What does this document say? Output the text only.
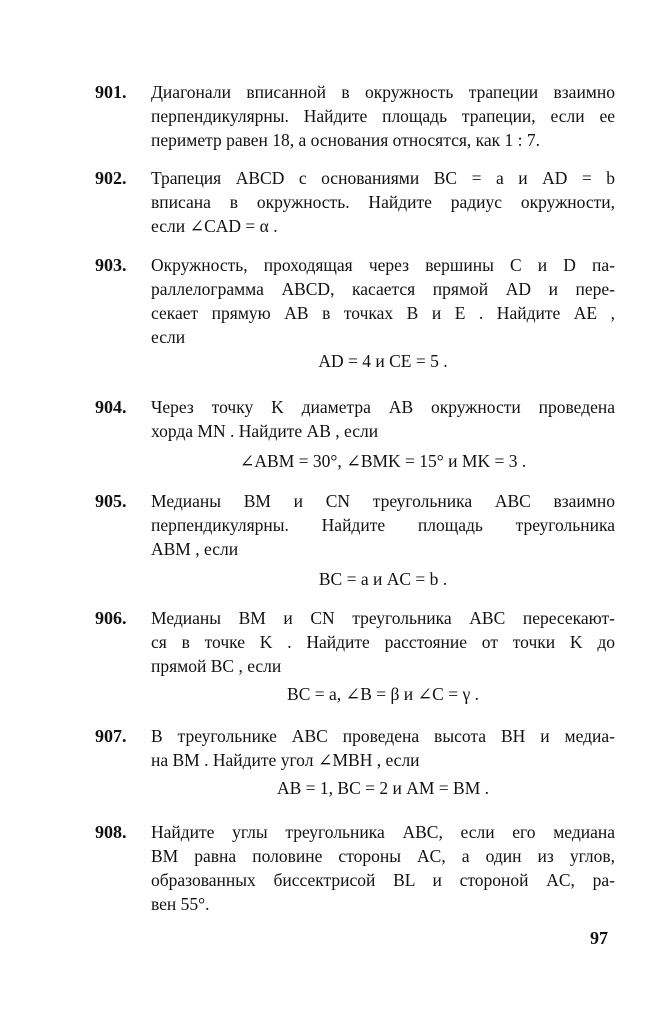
901. Диагонали вписанной в окружность трапеции взаимно
перпендикулярны. Найдите площадь трапеции, если ее
периметр равен 18, а основания относятся, как 1 : 7.
902. Трапеция ABCD с основаниями BC = a и AD = b
вписана в окружность. Найдите радиус окружности,
если ∠CAD = α .
903. Окружность, проходящая через вершины C и D па-
раллелограмма ABCD, касается прямой AD и пере-
секает прямую AB в точках B и E . Найдите AE ,
если
AD = 4 и CE = 5 .
904. Через точку K диаметра AB окружности проведена
хорда MN . Найдите AB , если
∠ABM = 30°, ∠BMK = 15° и MK = 3 .
905. Медианы BM и CN треугольника ABC взаимно
перпендикулярны. Найдите площадь треугольника
ABM , если
BC = a и AC = b .
906. Медианы BM и CN треугольника ABC пересекают-
ся в точке K . Найдите расстояние от точки K до
прямой BC , если
BC = a, ∠B = β и ∠C = γ .
907. В треугольнике ABC проведена высота BH и медиа-
на BM . Найдите угол ∠MBH , если
AB = 1, BC = 2 и AM = BM .
908. Найдите углы треугольника ABC, если его медиана
BM равна половине стороны AC, а один из углов,
образованных биссектрисой BL и стороной AC, ра-
вен 55°.
97
